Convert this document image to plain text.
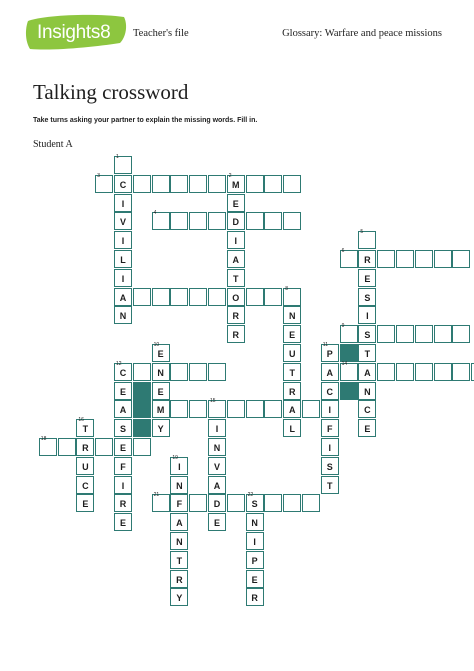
Insights8 Teacher's file	Glossary: Warfare and peace missions
Talking crossword
Take turns asking your partner to explain the missing words. Fill in.
Student A
1
C
I
V
I
L
I
A
N
3	2
M
E
D
I
A
T
O
R
R
4
5
R
E
S
I
S
T
A
N
C
E
6
8
N
E
U
T
R
A
L
9
10
E
N
E
M
Y
11
P
A
C
I
F
I
S
T
12
C
E
A
S
E
F
I
R
E
14
15
I
N
V
A
D
E
16
T
R
U
C
E
18
19
I
N
F
A
N
T
R
Y
21	22
S
N
I
P
E
R
